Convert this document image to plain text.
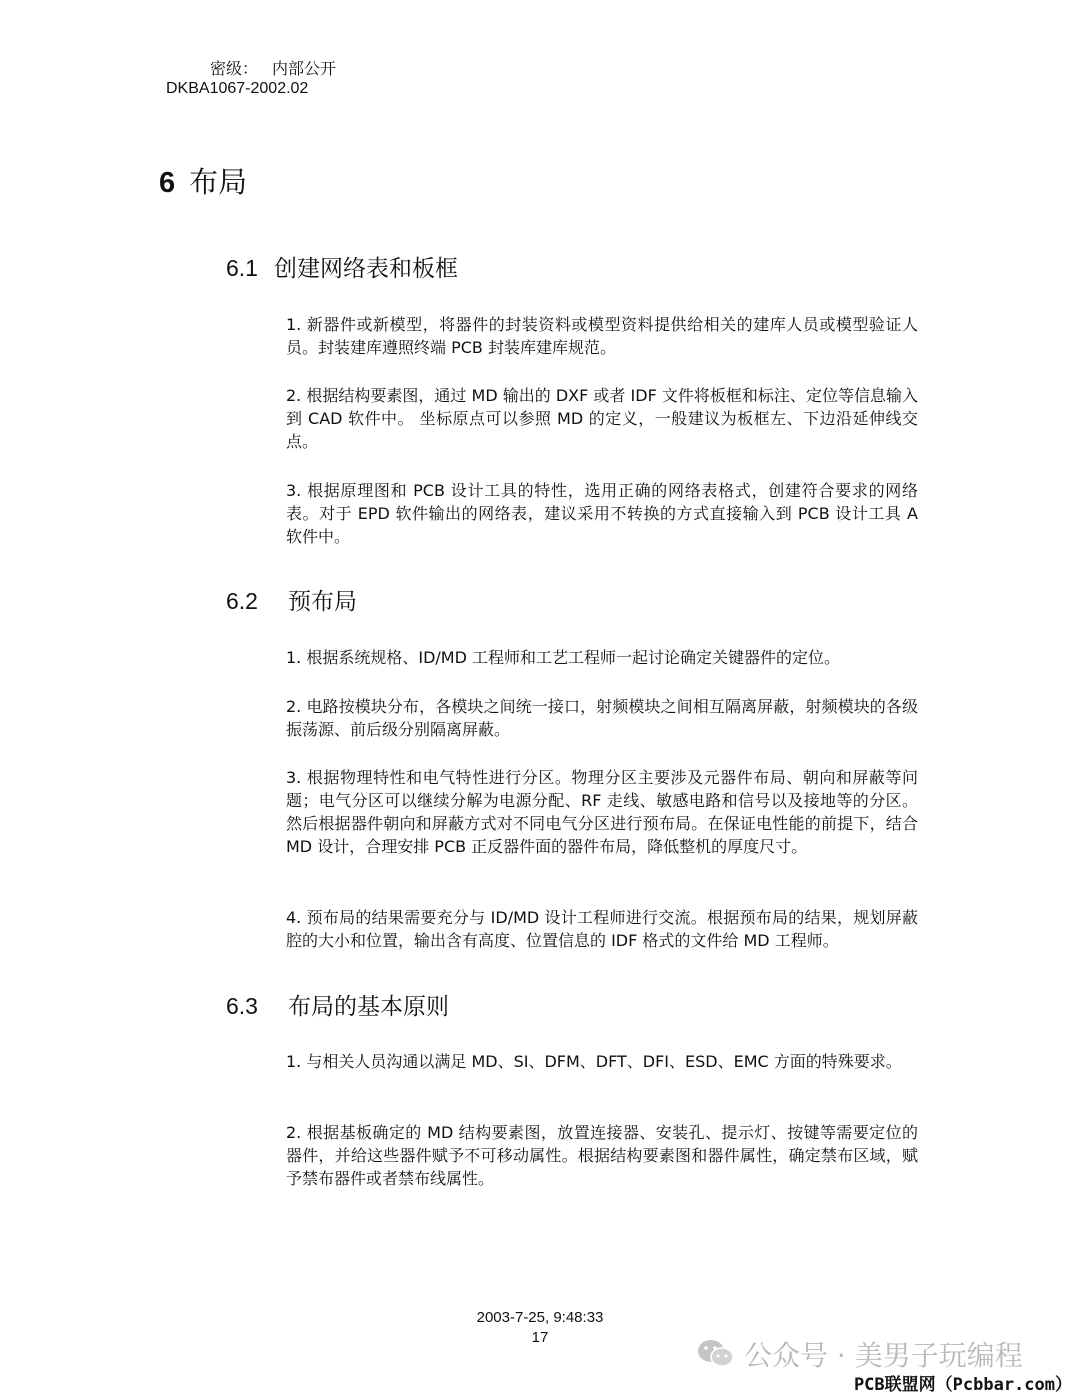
密级： 内部公开
DKBA1067-2002.02
6 布局
6.1 创建网络表和板框

1. 新器件或新模型，将器件的封装资料或模型资料提供给相关的建库人员或模型验证人员。封装建库遵照终端 PCB 封装库建库规范。

2. 根据结构要素图，通过 MD 输出的 DXF 或者 IDF 文件将板框和标注、定位等信息输入到 CAD 软件中。 坐标原点可以参照 MD 的定义，一般建议为板框左、下边沿延伸线交点。

3. 根据原理图和 PCB 设计工具的特性，选用正确的网络表格式，创建符合要求的网络表。对于 EPD 软件输出的网络表，建议采用不转换的方式直接输入到 PCB 设计工具 A 软件中。

6.2 预布局

1. 根据系统规格、ID/MD 工程师和工艺工程师一起讨论确定关键器件的定位。

2. 电路按模块分布，各模块之间统一接口，射频模块之间相互隔离屏蔽，射频模块的各级振荡源、前后级分别隔离屏蔽。

3. 根据物理特性和电气特性进行分区。物理分区主要涉及元器件布局、朝向和屏蔽等问题；电气分区可以继续分解为电源分配、RF 走线、敏感电路和信号以及接地等的分区。然后根据器件朝向和屏蔽方式对不同电气分区进行预布局。在保证电性能的前提下，结合 MD 设计，合理安排 PCB 正反器件面的器件布局，降低整机的厚度尺寸。

4. 预布局的结果需要充分与 ID/MD 设计工程师进行交流。根据预布局的结果，规划屏蔽腔的大小和位置，输出含有高度、位置信息的 IDF 格式的文件给 MD 工程师。

6.3 布局的基本原则

1. 与相关人员沟通以满足 MD、SI、DFM、DFT、DFI、ESD、EMC 方面的特殊要求。

2. 根据基板确定的 MD 结构要素图，放置连接器、安装孔、提示灯、按键等需要定位的器件，并给这些器件赋予不可移动属性。根据结构要素图和器件属性，确定禁布区域，赋予禁布器件或者禁布线属性。

2003-7-25, 9:48:33
17
公众号 · 美男子玩编程
PCB联盟网（Pcbbar.com）
